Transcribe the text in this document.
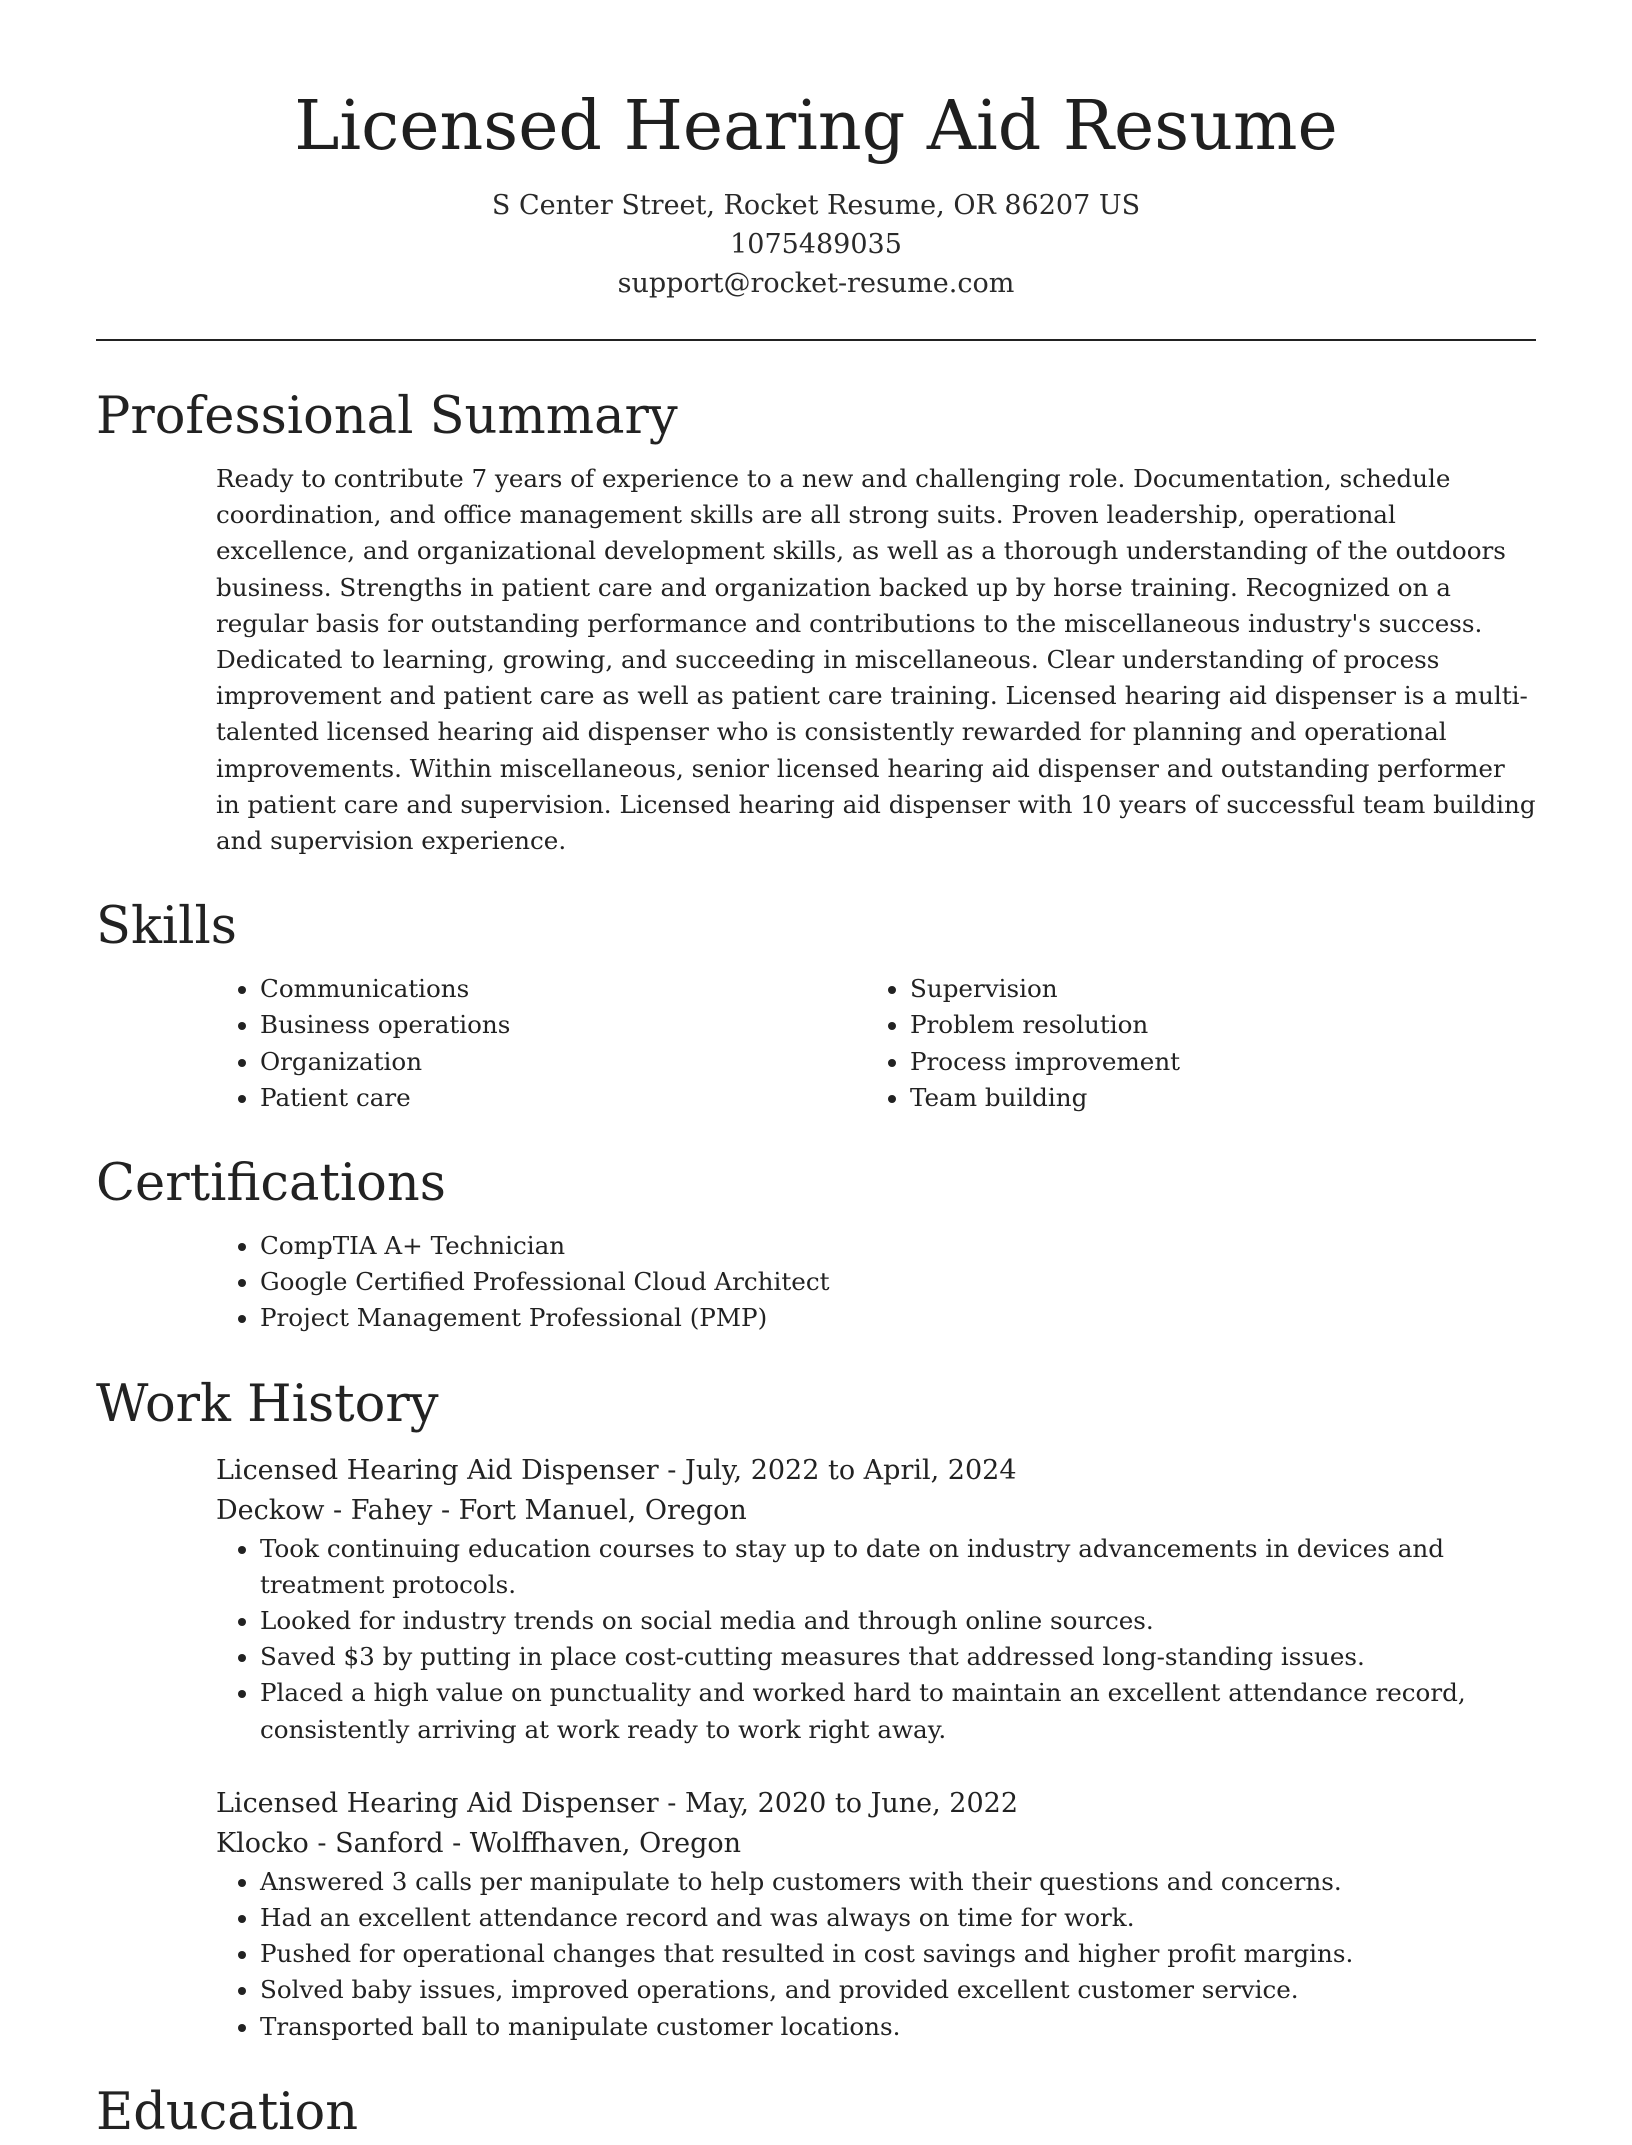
Licensed Hearing Aid Resume
S Center Street, Rocket Resume, OR 86207 US
1075489035
support@rocket-resume.com
Professional Summary
Ready to contribute 7 years of experience to a new and challenging role. Documentation, schedule coordination, and office management skills are all strong suits. Proven leadership, operational excellence, and organizational development skills, as well as a thorough understanding of the outdoors business. Strengths in patient care and organization backed up by horse training. Recognized on a regular basis for outstanding performance and contributions to the miscellaneous industry's success. Dedicated to learning, growing, and succeeding in miscellaneous. Clear understanding of process improvement and patient care as well as patient care training. Licensed hearing aid dispenser is a multi-talented licensed hearing aid dispenser who is consistently rewarded for planning and operational improvements. Within miscellaneous, senior licensed hearing aid dispenser and outstanding performer in patient care and supervision. Licensed hearing aid dispenser with 10 years of successful team building and supervision experience.
Skills
• Communications
• Business operations
• Organization
• Patient care
• Supervision
• Problem resolution
• Process improvement
• Team building
Certifications
• CompTIA A+ Technician
• Google Certified Professional Cloud Architect
• Project Management Professional (PMP)
Work History
Licensed Hearing Aid Dispenser - July, 2022 to April, 2024
Deckow - Fahey - Fort Manuel, Oregon
• Took continuing education courses to stay up to date on industry advancements in devices and treatment protocols.
• Looked for industry trends on social media and through online sources.
• Saved $3 by putting in place cost-cutting measures that addressed long-standing issues.
• Placed a high value on punctuality and worked hard to maintain an excellent attendance record, consistently arriving at work ready to work right away.
Licensed Hearing Aid Dispenser - May, 2020 to June, 2022
Klocko - Sanford - Wolffhaven, Oregon
• Answered 3 calls per manipulate to help customers with their questions and concerns.
• Had an excellent attendance record and was always on time for work.
• Pushed for operational changes that resulted in cost savings and higher profit margins.
• Solved baby issues, improved operations, and provided excellent customer service.
• Transported ball to manipulate customer locations.
Education
